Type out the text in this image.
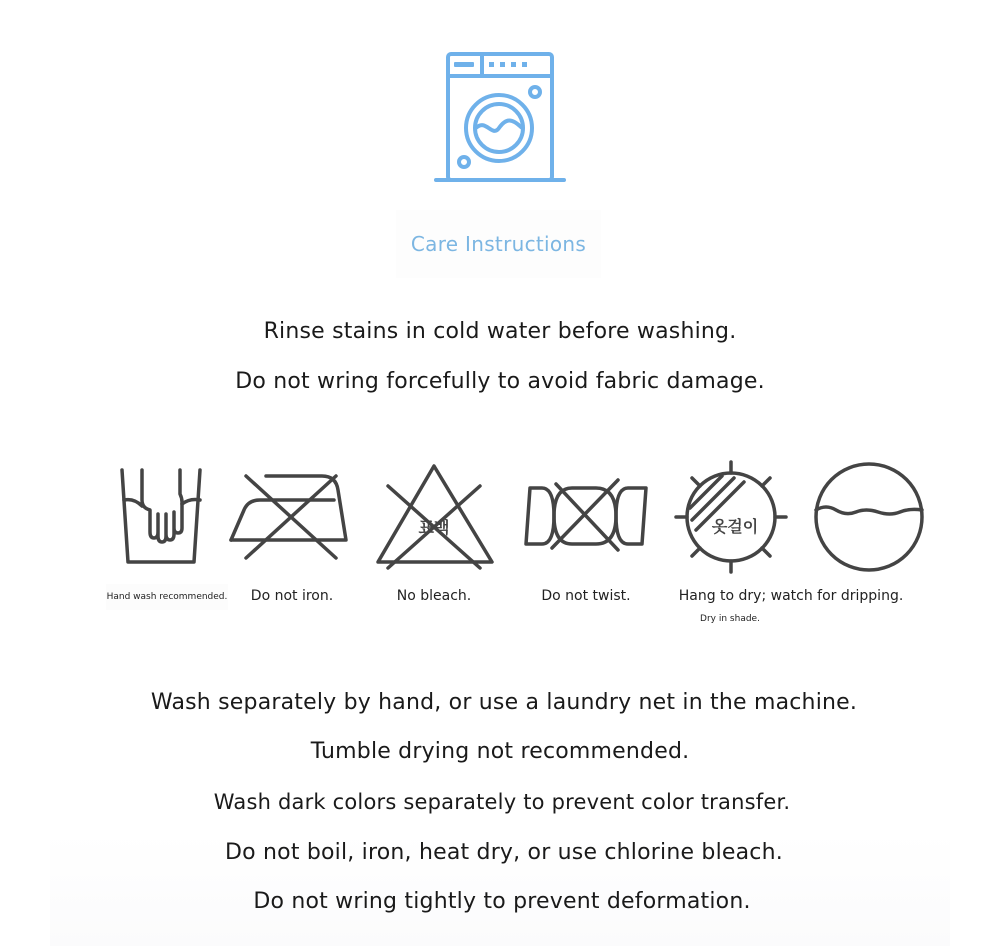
Care Instructions
Rinse stains in cold water before washing.
Do not wring forcefully to avoid fabric damage.
Hand wash recommended.	Do not iron.
표백
No bleach.	Do not twist.
옷걸이
Hang to dry; watch for dripping.
Dry in shade.
Wash separately by hand, or use a laundry net in the machine.
Tumble drying not recommended.
Wash dark colors separately to prevent color transfer.
Do not boil, iron, heat dry, or use chlorine bleach.
Do not wring tightly to prevent deformation.
